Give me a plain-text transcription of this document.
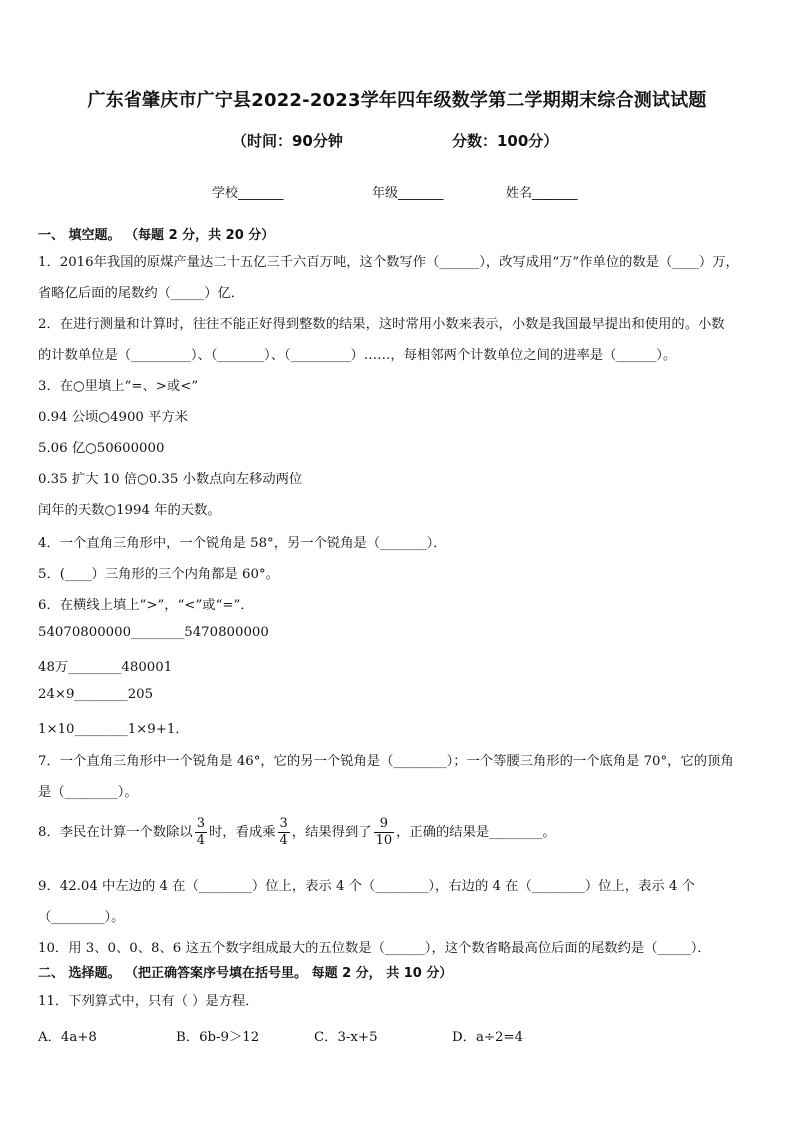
广东省肇庆市广宁县2022-2023学年四年级数学第二学期期末综合测试试题
（时间：90分钟	分数：100分）
学校_______	年级_______	姓名_______
一、 填空题。 （每题 2 分，共 20 分）
1．2016年我国的原煤产量达二十五亿三千六百万吨，这个数写作（______），改写成用“万”作单位的数是（____）万，
省略亿后面的尾数约（_____）亿．
2．在进行测量和计算时，往往不能正好得到整数的结果，这时常用小数来表示，小数是我国最早提出和使用的。小数
的计数单位是（_________）、（_______）、（_________）……，每相邻两个计数单位之间的进率是（______）。
3．在○里填上“=、>或<”
0.94 公顷○4900 平方米
5.06 亿○50600000
0.35 扩大 10 倍○0.35 小数点向左移动两位
闰年的天数○1994 年的天数。
4．一个直角三角形中，一个锐角是 58°，另一个锐角是（_______）．
5．(____）三角形的三个内角都是 60°。
6．在横线上填上“>”，“<”或“=”．
54070800000________5470800000
48万________480001
24×9________205
1×10________1×9+1．
7．一个直角三角形中一个锐角是 46°，它的另一个锐角是（________）；一个等腰三角形的一个底角是 70°，它的顶角
是（________）。
8．李民在计算一个数除以 $\frac{3}{4}$ 时，看成乘 $\frac{3}{4}$ ，结果得到了 $\frac{9}{10}$ ，正确的结果是________。
9．42.04 中左边的 4 在（________）位上，表示 4 个（________），右边的 4 在（________）位上，表示 4 个
（________）。
10．用 3、0、0、8、6 这五个数字组成最大的五位数是（______），这个数省略最高位后面的尾数约是（_____）．
二、 选择题。 （把正确答案序号填在括号里。 每题 2 分， 共 10 分）
11．下列算式中，只有（ ）是方程．
A．4a+8	B．6b-9＞12	C．3-x+5	D．a÷2=4
